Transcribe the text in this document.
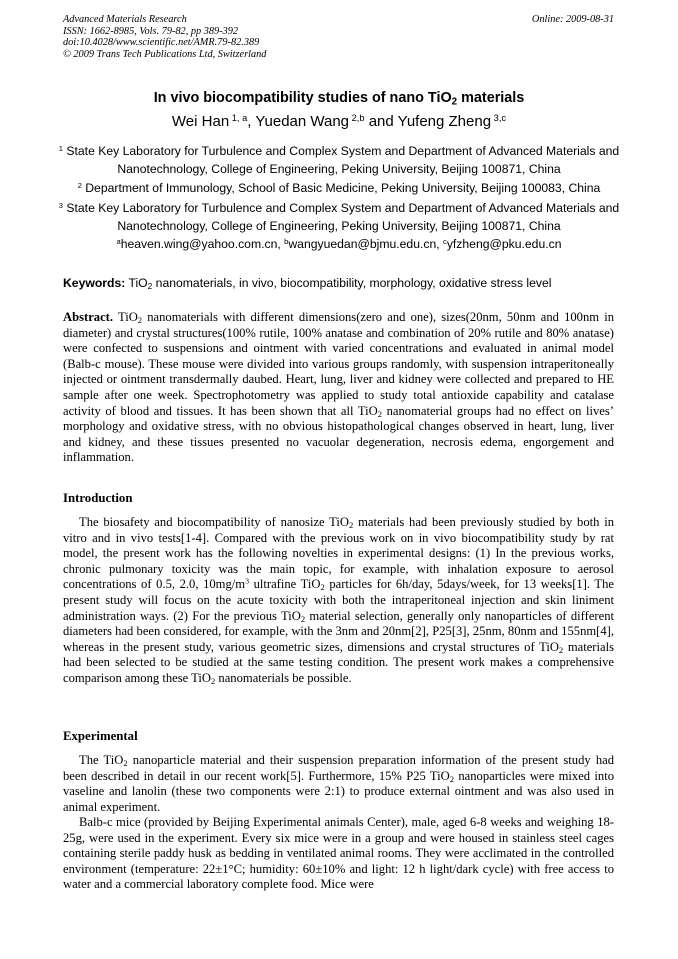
Advanced Materials Research
ISSN: 1662-8985, Vols. 79-82, pp 389-392
doi:10.4028/www.scientific.net/AMR.79-82.389
© 2009 Trans Tech Publications Ltd, Switzerland
Online: 2009-08-31
In vivo biocompatibility studies of nano TiO$_2$ materials
Wei Han $^{1, a}$, Yuedan Wang $^{2,b}$ and Yufeng Zheng $^{3,c}$
$^1$ State Key Laboratory for Turbulence and Complex System and Department of Advanced Materials and Nanotechnology, College of Engineering, Peking University, Beijing 100871, China
$^2$ Department of Immunology, School of Basic Medicine, Peking University, Beijing 100083, China
$^3$ State Key Laboratory for Turbulence and Complex System and Department of Advanced Materials and Nanotechnology, College of Engineering, Peking University, Beijing 100871, China
$^a$heaven.wing@yahoo.com.cn, $^b$wangyuedan@bjmu.edu.cn, $^c$yfzheng@pku.edu.cn
Keywords: TiO$_2$ nanomaterials, in vivo, biocompatibility, morphology, oxidative stress level

Abstract. TiO$_2$ nanomaterials with different dimensions(zero and one), sizes(20nm, 50nm and 100nm in diameter) and crystal structures(100% rutile, 100% anatase and combination of 20% rutile and 80% anatase) were confected to suspensions and ointment with varied concentrations and evaluated in animal model (Balb-c mouse). These mouse were divided into various groups randomly, with suspension intraperitoneally injected or ointment transdermally daubed. Heart, lung, liver and kidney were collected and prepared to HE sample after one week. Spectrophotometry was applied to study total antioxide capability and catalase activity of blood and tissues. It has been shown that all TiO$_2$ nanomaterial groups had no effect on lives’ morphology and oxidative stress, with no obvious histopathological changes observed in heart, lung, liver and kidney, and these tissues presented no vacuolar degeneration, necrosis edema, engorgement and inflammation.

Introduction

The biosafety and biocompatibility of nanosize TiO$_2$ materials had been previously studied by both in vitro and in vivo tests[1-4]. Compared with the previous work on in vivo biocompatibility study by rat model, the present work has the following novelties in experimental designs: (1) In the previous works, chronic pulmonary toxicity was the main topic, for example, with inhalation exposure to aerosol concentrations of 0.5, 2.0, $10mg/m^3$ ultrafine TiO$_2$ particles for 6h/day, 5days/week, for 13 weeks[1]. The present study will focus on the acute toxicity with both the intraperitoneal injection and skin liniment administration ways. (2) For the previous TiO$_2$ material selection, generally only nanoparticles of different diameters had been considered, for example, with the 3nm and 20nm[2], P25[3], 25nm, 80nm and 155nm[4], whereas in the present study, various geometric sizes, dimensions and crystal structures of TiO$_2$ materials had been selected to be studied at the same testing condition. The present work makes a comprehensive comparison among these TiO$_2$ nanomaterials be possible.

Experimental

The TiO$_2$ nanoparticle material and their suspension preparation information of the present study had been described in detail in our recent work[5]. Furthermore, 15% P25 TiO$_2$ nanoparticles were mixed into vaseline and lanolin (these two components were 2:1) to produce external ointment and was also used in animal experiment.

Balb-c mice (provided by Beijing Experimental animals Center), male, aged 6-8 weeks and weighing 18-25g, were used in the experiment. Every six mice were in a group and were housed in stainless steel cages containing sterile paddy husk as bedding in ventilated animal rooms. They were acclimated in the controlled environment (temperature: 22±1°C; humidity: 60±10% and light: 12 h light/dark cycle) with free access to water and a commercial laboratory complete food. Mice were
